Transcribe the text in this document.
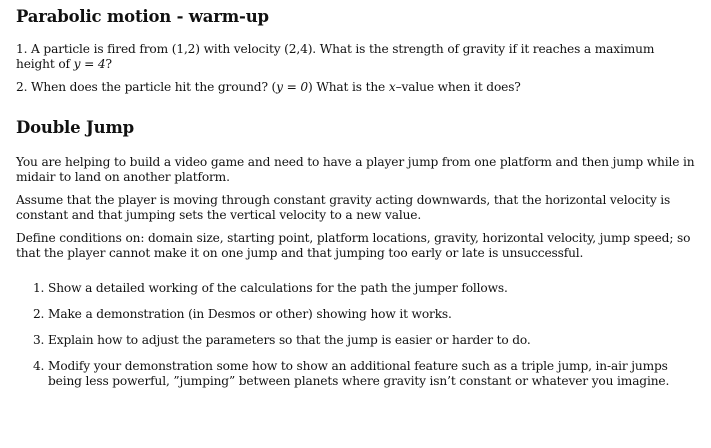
Parabolic motion - warm-up

1. A particle is fired from (1,2) with velocity (2,4). What is the strength of gravity if it reaches a maximum height of y = 4?

2. When does the particle hit the ground? (y = 0) What is the x–value when it does?

Double Jump

You are helping to build a video game and need to have a player jump from one platform and then jump while in midair to land on another platform.

Assume that the player is moving through constant gravity acting downwards, that the horizontal velocity is constant and that jumping sets the vertical velocity to a new value.

Define conditions on: domain size, starting point, platform locations, gravity, horizontal velocity, jump speed; so that the player cannot make it on one jump and that jumping too early or late is unsuccessful.

1. Show a detailed working of the calculations for the path the jumper follows.
2. Make a demonstration (in Desmos or other) showing how it works.
3. Explain how to adjust the parameters so that the jump is easier or harder to do.
4. Modify your demonstration some how to show an additional feature such as a triple jump, in-air jumps being less powerful, ”jumping” between planets where gravity isn’t constant or whatever you imagine.
